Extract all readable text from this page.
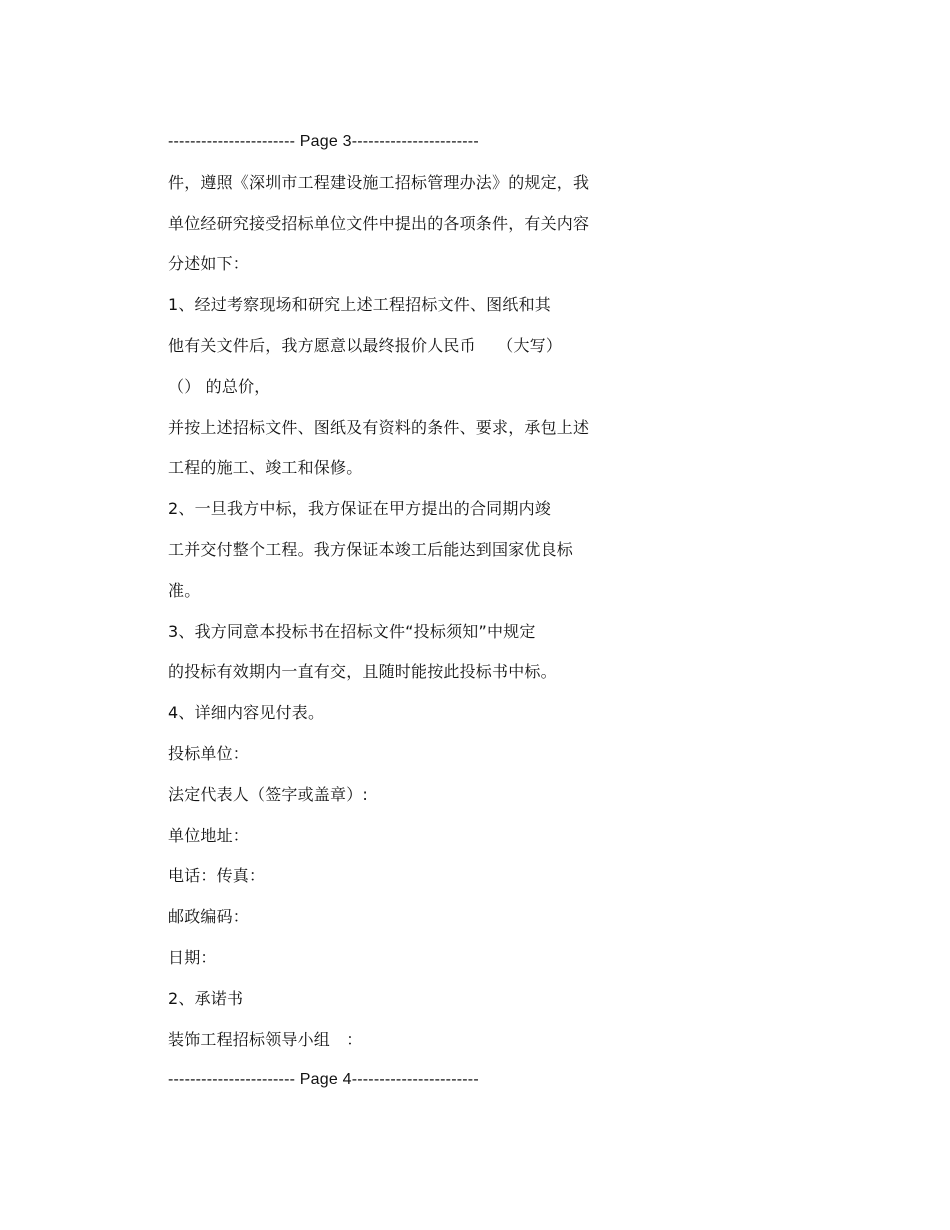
----------------------- Page 3-----------------------
件，遵照《深圳市工程建设施工招标管理办法》的规定，我
单位经研究接受招标单位文件中提出的各项条件，有关内容
分述如下：
1、经过考察现场和研究上述工程招标文件、图纸和其
他有关文件后，我方愿意以最终报价人民币　 （大写）
（） 的总价，
并按上述招标文件、图纸及有资料的条件、要求，承包上述
工程的施工、竣工和保修。
2、一旦我方中标，我方保证在甲方提出的合同期内竣
工并交付整个工程。我方保证本竣工后能达到国家优良标
准。
3、我方同意本投标书在招标文件“投标须知”中规定
的投标有效期内一直有交，且随时能按此投标书中标。
4、详细内容见付表。
投标单位：
法定代表人（签字或盖章）:
单位地址：
电话：传真：
邮政编码：
日期：
2、承诺书
装饰工程招标领导小组　：
----------------------- Page 4-----------------------
